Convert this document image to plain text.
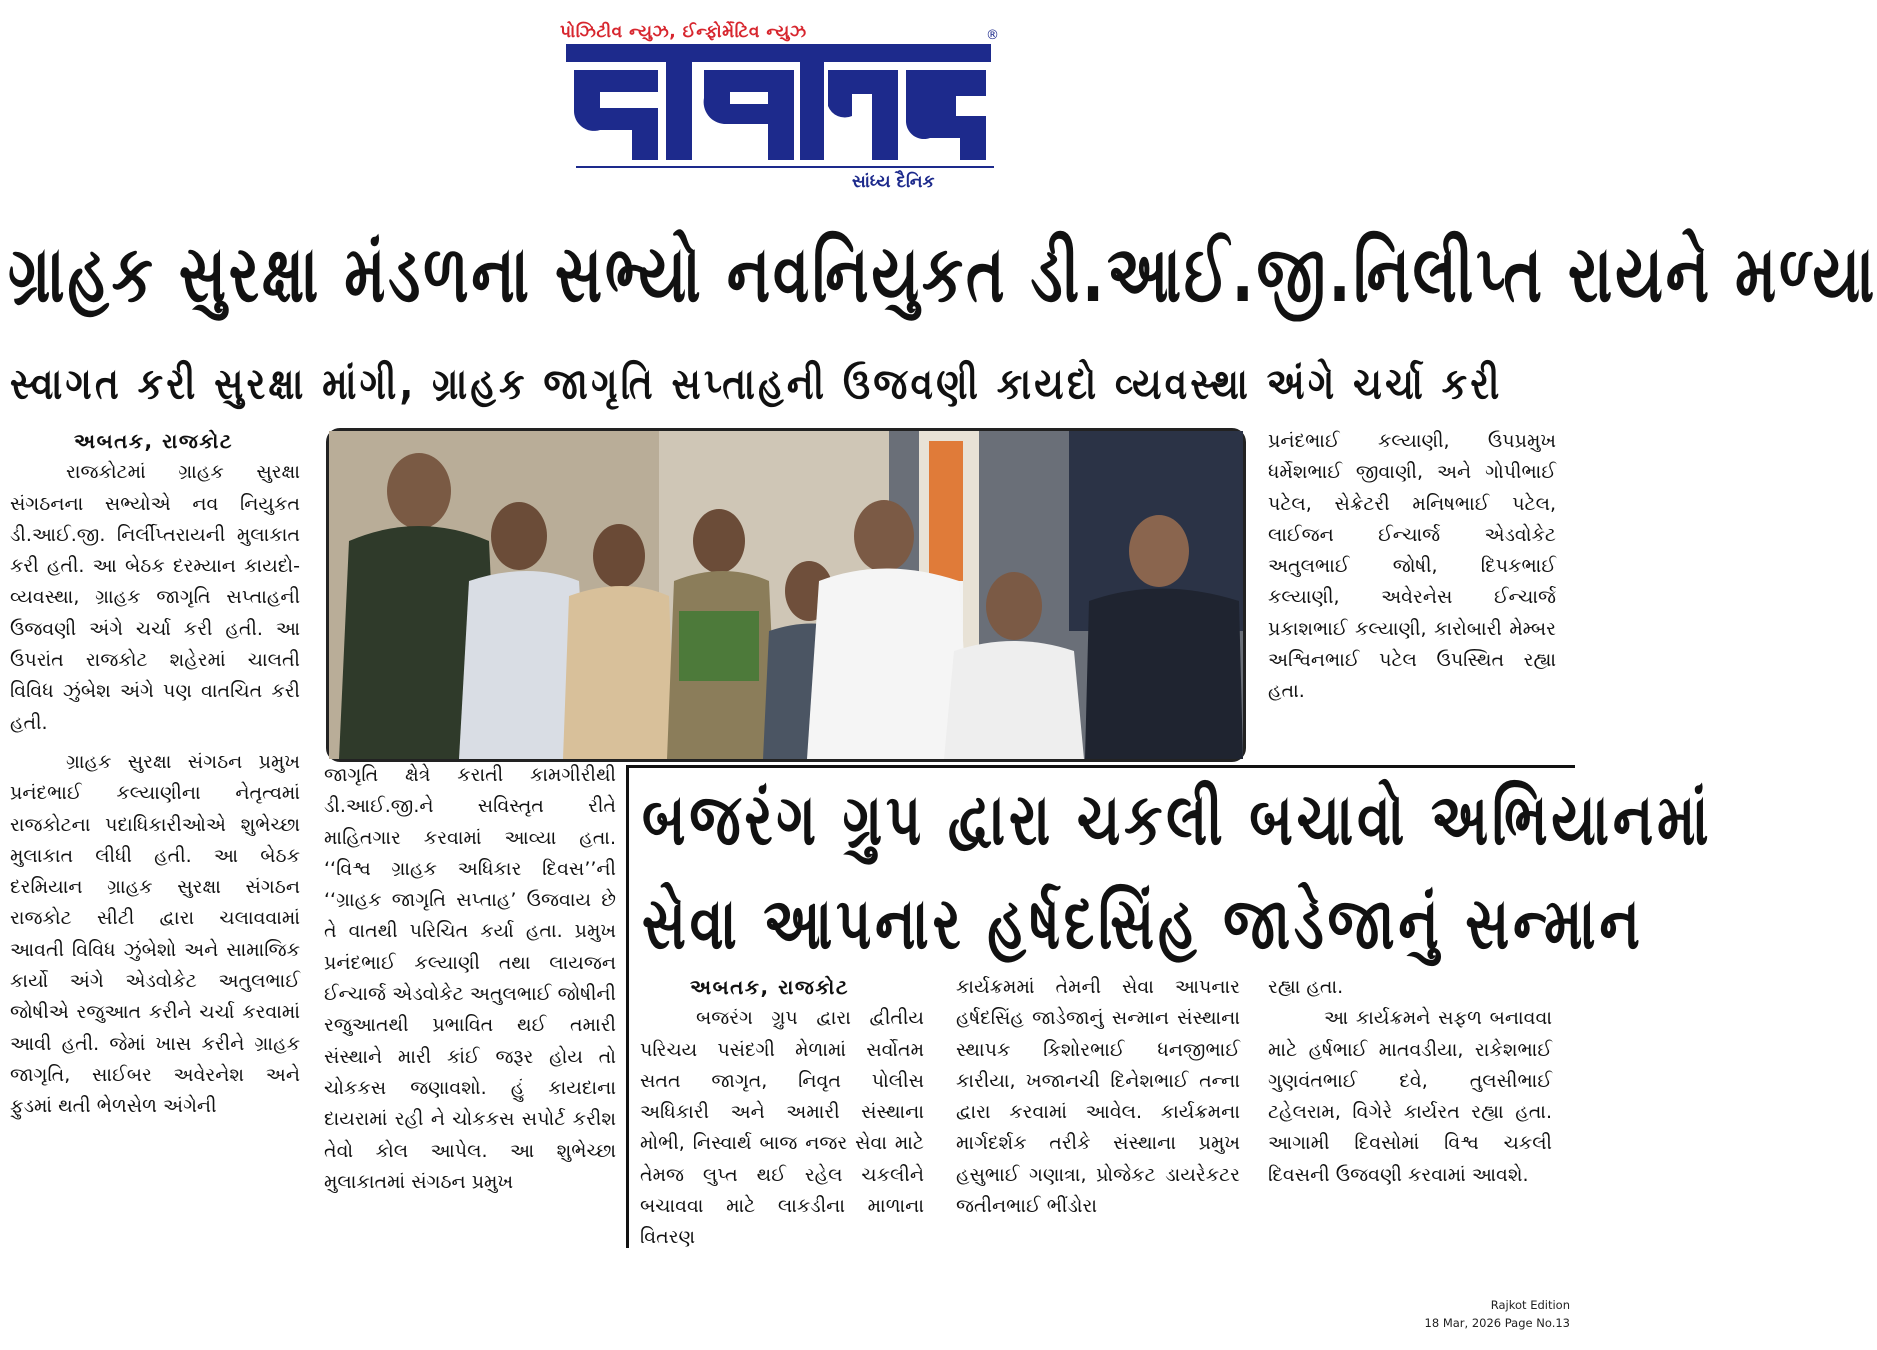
પોઝિટીવ ન્યુઝ, ઈન્ફોર્મેટિવ ન્યુઝ	®
સાંધ્ય દૈનિક
ગ્રાહક સુરક્ષા મંડળના સભ્યો નવનિયુકત ડી.આઈ.જી.નિલીપ્ત રાયને મળ્યા
સ્વાગત કરી સુરક્ષા માંગી, ગ્રાહક જાગૃતિ સપ્તાહની ઉજવણી કાયદો વ્યવસ્થા અંગે ચર્ચા કરી

અબતક, રાજકોટ

રાજકોટમાં ગ્રાહક સુરક્ષા સંગઠનના સભ્યોએ નવ નિયુકત ડી.આઈ.જી. નિર્લીપ્તરાયની મુલાકાત કરી હતી. આ બેઠક દરમ્યાન કાયદો-વ્યવસ્થા, ગ્રાહક જાગૃતિ સપ્તાહની ઉજવણી અંગે ચર્ચા કરી હતી. આ ઉપરાંત રાજકોટ શહેરમાં ચાલતી વિવિધ ઝુંબેશ અંગે પણ વાતચિત કરી હતી.

ગ્રાહક સુરક્ષા સંગઠન પ્રમુખ પ્રનંદભાઈ કલ્યાણીના નેતૃત્વમાં રાજકોટના પદાધિકારીઓએ શુભેચ્છા મુલાકાત લીધી હતી. આ બેઠક દરમિયાન ગ્રાહક સુરક્ષા સંગઠન રાજકોટ સીટી દ્વારા ચલાવવામાં આવતી વિવિધ ઝુંબેશો અને સામાજિક કાર્યો અંગે એડવોકેટ અતુલભાઈ જોષીએ રજુઆત કરીને ચર્ચા કરવામાં આવી હતી. જેમાં ખાસ કરીને ગ્રાહક જાગૃતિ, સાઈબર અવેરનેશ અને ફુડમાં થતી ભેળસેળ અંગેની

જાગૃતિ ક્ષેત્રે કરાતી કામગીરીથી ડી.આઈ.જી.ને સવિસ્તૃત રીતે માહિતગાર કરવામાં આવ્યા હતા. ‘‘વિશ્વ ગ્રાહક અધિકાર દિવસ’’ની ‘‘ગ્રાહક જાગૃતિ સપ્તાહ’ ઉજવાય છે તે વાતથી પરિચિત કર્યા હતા. પ્રમુખ પ્રનંદભાઈ કલ્યાણી તથા લાયજન ઈન્ચાર્જ એડવોકેટ અતુલભાઈ જોષીની રજુઆતથી પ્રભાવિત થઈ તમારી સંસ્થાને મારી કાંઈ જરૂર હોય તો ચોકકસ જણાવશો. હું કાયદાના દાયરામાં રહી ને ચોકકસ સપોર્ટ કરીશ તેવો કોલ આપેલ. આ શુભેચ્છા મુલાકાતમાં સંગઠન પ્રમુખ

પ્રનંદભાઈ કલ્યાણી, ઉપપ્રમુખ ધર્મેશભાઈ જીવાણી, અને ગોપીભાઈ પટેલ, સેક્રેટરી મનિષભાઈ પટેલ, લાઈજન ઈન્ચાર્જ એડવોકેટ અતુલભાઈ જોષી, દિપકભાઈ કલ્યાણી, અવેરનેસ ઈન્ચાર્જ પ્રકાશભાઈ કલ્યાણી, કારોબારી મેમ્બર અશ્વિનભાઈ પટેલ ઉપસ્થિત રહ્યા હતા.

બજરંગ ગ્રુપ દ્વારા ચકલી બચાવો અભિયાનમાં
સેવા આપનાર હર્ષદસિંહ જાડેજાનું સન્માન

અબતક, રાજકોટ

બજરંગ ગ્રુપ દ્વારા દ્વીતીય પરિચય પસંદગી મેળામાં સર્વોતમ સતત જાગૃત, નિવૃત પોલીસ અધિકારી અને અમારી સંસ્થાના મોભી, નિસ્વાર્થ બાજ નજર સેવા માટે તેમજ લુપ્ત થઈ રહેલ ચકલીને બચાવવા માટે લાકડીના માળાના વિતરણ

કાર્યક્રમમાં તેમની સેવા આપનાર હર્ષદસિંહ જાડેજાનું સન્માન સંસ્થાના સ્થાપક કિશોરભાઈ ધનજીભાઈ કારીયા, ખજાનચી દિનેશભાઈ તન્ના દ્વારા કરવામાં આવેલ. કાર્યક્રમના માર્ગદર્શક તરીકે સંસ્થાના પ્રમુખ હસુભાઈ ગણાત્રા, પ્રોજેકટ ડાયરેકટર જતીનભાઈ ભીંડોરા

રહ્યા હતા.

આ કાર્યક્રમને સફળ બનાવવા માટે હર્ષભાઈ માતવડીયા, રાકેશભાઈ ગુણવંતભાઈ દવે, તુલસીભાઈ ટહેલરામ, વિગેરે કાર્યરત રહ્યા હતા. આગામી દિવસોમાં વિશ્વ ચકલી દિવસની ઉજવણી કરવામાં આવશે.

Rajkot Edition
18 Mar, 2026 Page No.13
